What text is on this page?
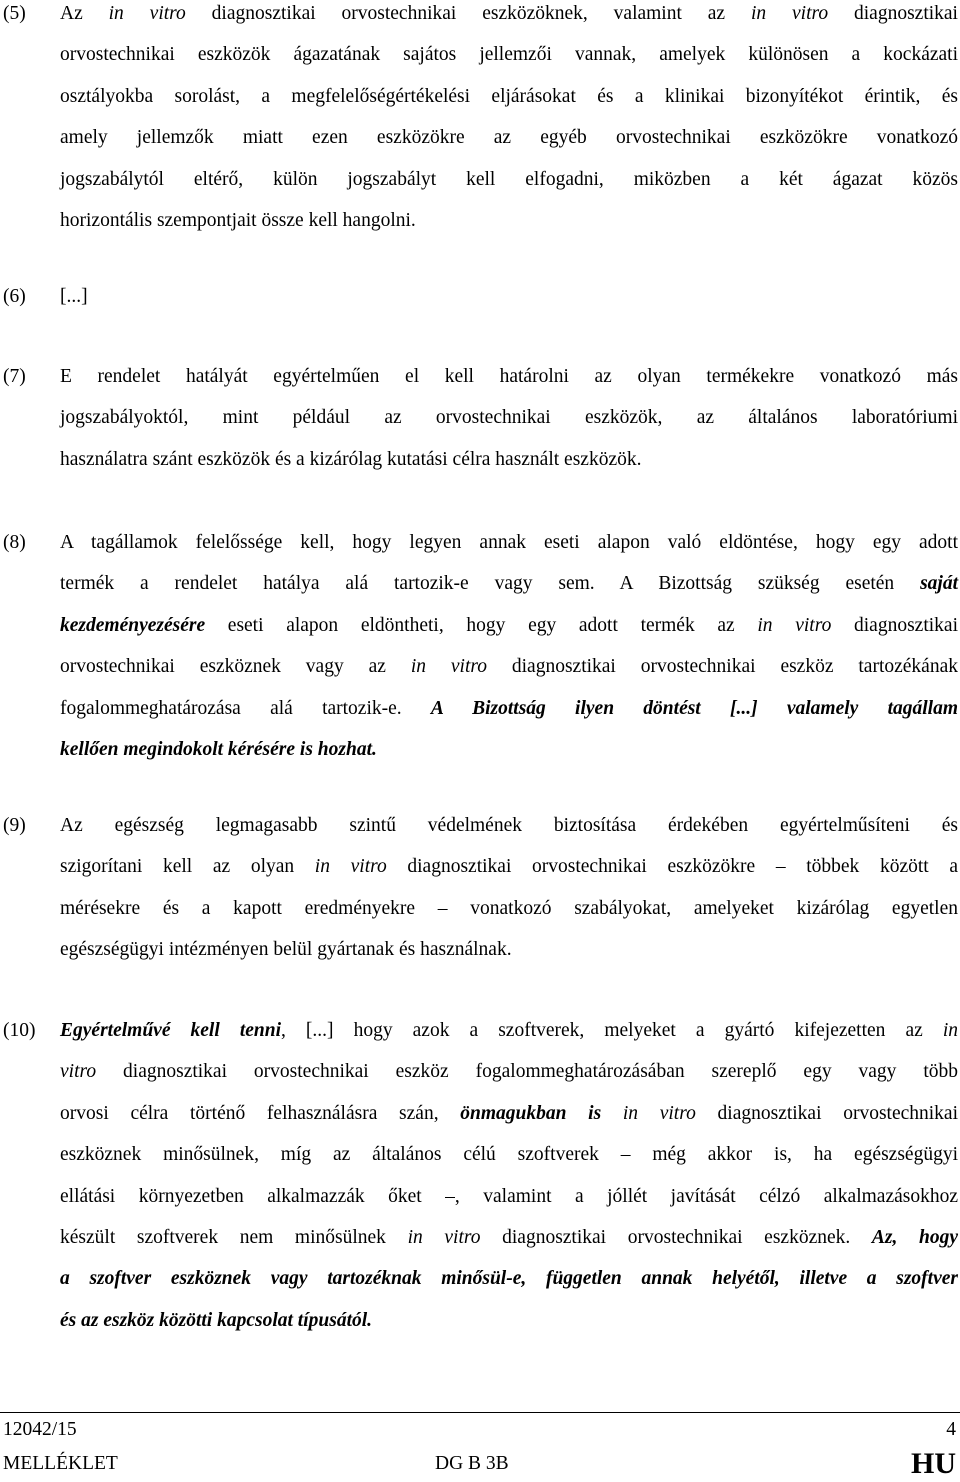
(5) Az in vitro diagnosztikai orvostechnikai eszközöknek, valamint az in vitro diagnosztikai
orvostechnikai eszközök ágazatának sajátos jellemzői vannak, amelyek különösen a kockázati
osztályokba sorolást, a megfelelőségértékelési eljárásokat és a klinikai bizonyítékot érintik, és
amely jellemzők miatt ezen eszközökre az egyéb orvostechnikai eszközökre vonatkozó
jogszabálytól eltérő, külön jogszabályt kell elfogadni, miközben a két ágazat közös
horizontális szempontjait össze kell hangolni.
(6) [...]
(7) E rendelet hatályát egyértelműen el kell határolni az olyan termékekre vonatkozó más
jogszabályoktól, mint például az orvostechnikai eszközök, az általános laboratóriumi
használatra szánt eszközök és a kizárólag kutatási célra használt eszközök.
(8) A tagállamok felelőssége kell, hogy legyen annak eseti alapon való eldöntése, hogy egy adott
termék a rendelet hatálya alá tartozik-e vagy sem. A Bizottság szükség esetén saját
kezdeményezésére eseti alapon eldöntheti, hogy egy adott termék az in vitro diagnosztikai
orvostechnikai eszköznek vagy az in vitro diagnosztikai orvostechnikai eszköz tartozékának
fogalommeghatározása alá tartozik-e. A Bizottság ilyen döntést [...] valamely tagállam
kellően megindokolt kérésére is hozhat.
(9) Az egészség legmagasabb szintű védelmének biztosítása érdekében egyértelműsíteni és
szigorítani kell az olyan in vitro diagnosztikai orvostechnikai eszközökre – többek között a
mérésekre és a kapott eredményekre – vonatkozó szabályokat, amelyeket kizárólag egyetlen
egészségügyi intézményen belül gyártanak és használnak.
(10) Egyértelművé kell tenni, [...] hogy azok a szoftverek, melyeket a gyártó kifejezetten az in
vitro diagnosztikai orvostechnikai eszköz fogalommeghatározásában szereplő egy vagy több
orvosi célra történő felhasználásra szán, önmagukban is in vitro diagnosztikai orvostechnikai
eszköznek minősülnek, míg az általános célú szoftverek – még akkor is, ha egészségügyi
ellátási környezetben alkalmazzák őket –, valamint a jóllét javítását célzó alkalmazásokhoz
készült szoftverek nem minősülnek in vitro diagnosztikai orvostechnikai eszköznek. Az, hogy
a szoftver eszköznek vagy tartozéknak minősül-e, független annak helyétől, illetve a szoftver
és az eszköz közötti kapcsolat típusától.
12042/15	4
MELLÉKLET	DG B 3B	HU
